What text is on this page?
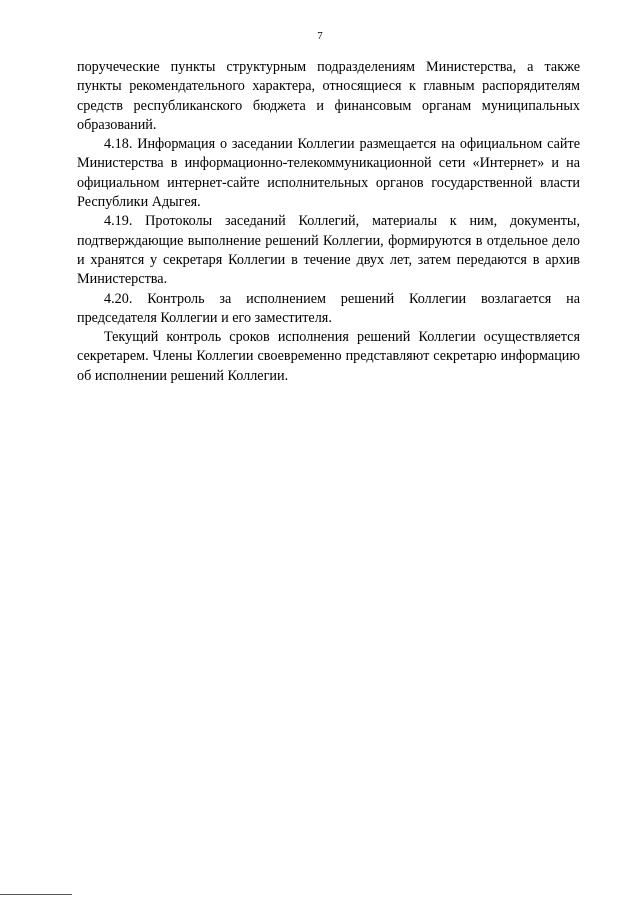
7

поручеческие пункты структурным подразделениям Министерства, а также пункты рекомендательного характера, относящиеся к главным распорядителям средств республиканского бюджета и финансовым органам муниципальных образований.

4.18. Информация о заседании Коллегии размещается на официальном сайте Министерства в информационно-телекоммуникационной сети «Интернет» и на официальном интернет-сайте исполнительных органов государственной власти Республики Адыгея.

4.19. Протоколы заседаний Коллегий, материалы к ним, документы, подтверждающие выполнение решений Коллегии, формируются в отдельное дело и хранятся у секретаря Коллегии в течение двух лет, затем передаются в архив Министерства.

4.20. Контроль за исполнением решений Коллегии возлагается на председателя Коллегии и его заместителя.

Текущий контроль сроков исполнения решений Коллегии осуществляется секретарем. Члены Коллегии своевременно представляют секретарю информацию об исполнении решений Коллегии.
